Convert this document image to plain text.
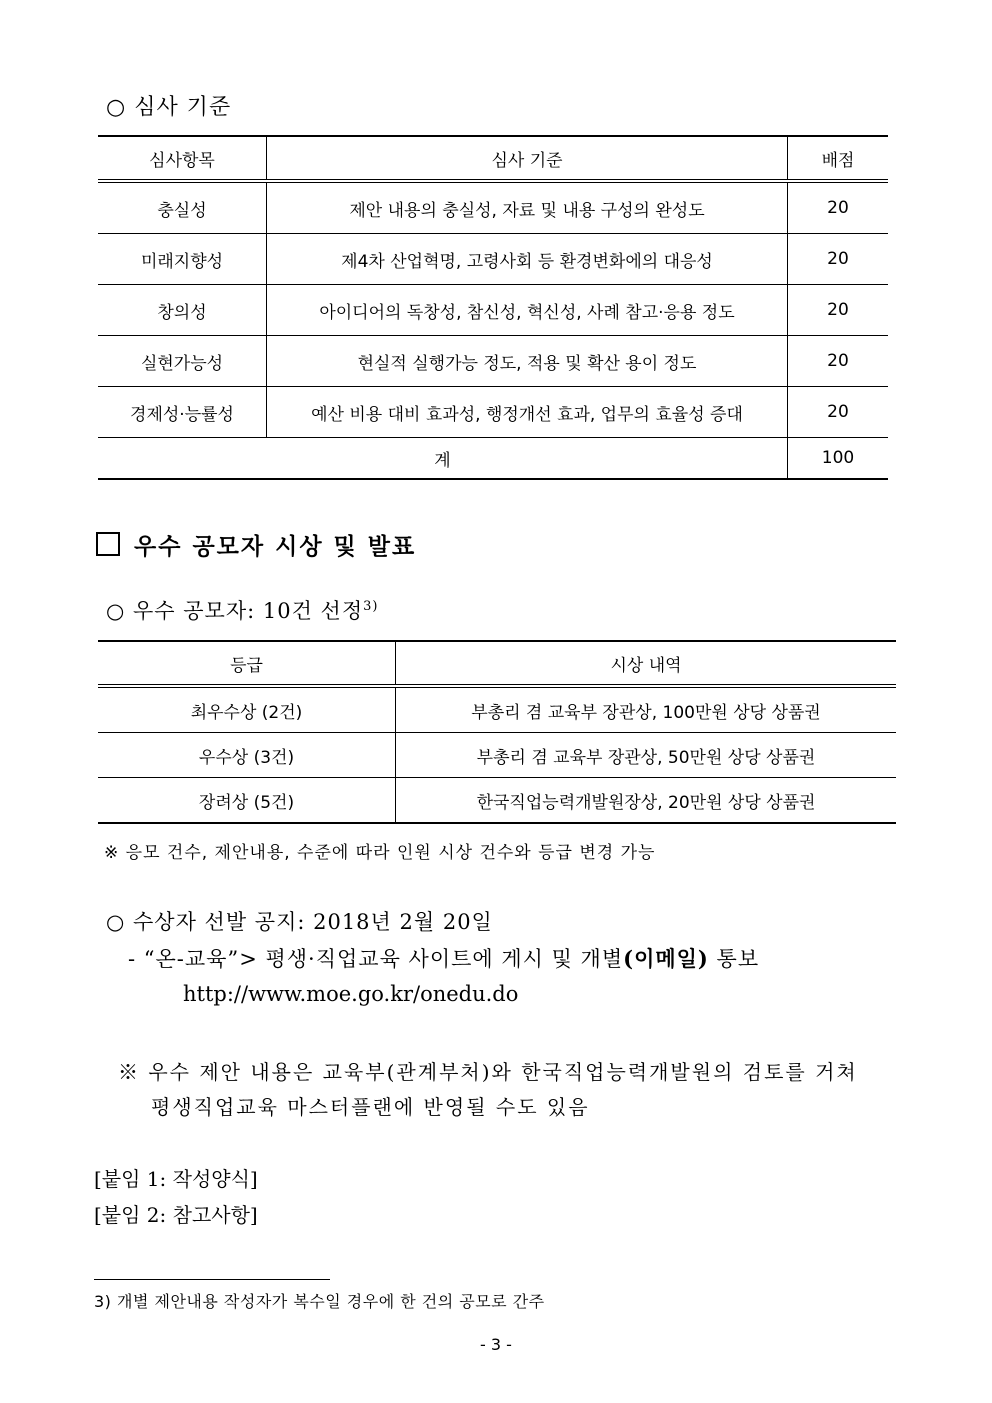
○ 심사 기준
심사항목	심사 기준	배점
충실성	제안 내용의 충실성, 자료 및 내용 구성의 완성도	20
미래지향성	제4차 산업혁명, 고령사회 등 환경변화에의 대응성	20
창의성	아이디어의 독창성, 참신성, 혁신성, 사례 참고·응용 정도	20
실현가능성	현실적 실행가능 정도, 적용 및 확산 용이 정도	20
경제성·능률성	예산 비용 대비 효과성, 행정개선 효과, 업무의 효율성 증대	20
계		100
우수 공모자 시상 및 발표
○ 우수 공모자: 10건 선정$^{3)}$
등급	시상 내역
최우수상 (2건)	부총리 겸 교육부 장관상, 100만원 상당 상품권
우수상 (3건)	부총리 겸 교육부 장관상, 50만원 상당 상품권
장려상 (5건)	한국직업능력개발원장상, 20만원 상당 상품권
※ 응모 건수, 제안내용, 수준에 따라 인원 시상 건수와 등급 변경 가능
○ 수상자 선발 공지: 2018년 2월 20일
- “온-교육”> 평생·직업교육 사이트에 게시 및 개별(이메일) 통보
http://www.moe.go.kr/onedu.do
※ 우수 제안 내용은 교육부(관계부처)와 한국직업능력개발원의 검토를 거쳐
평생직업교육 마스터플랜에 반영될 수도 있음
[붙임 1: 작성양식]
[붙임 2: 참고사항]
3) 개별 제안내용 작성자가 복수일 경우에 한 건의 공모로 간주
- 3 -
